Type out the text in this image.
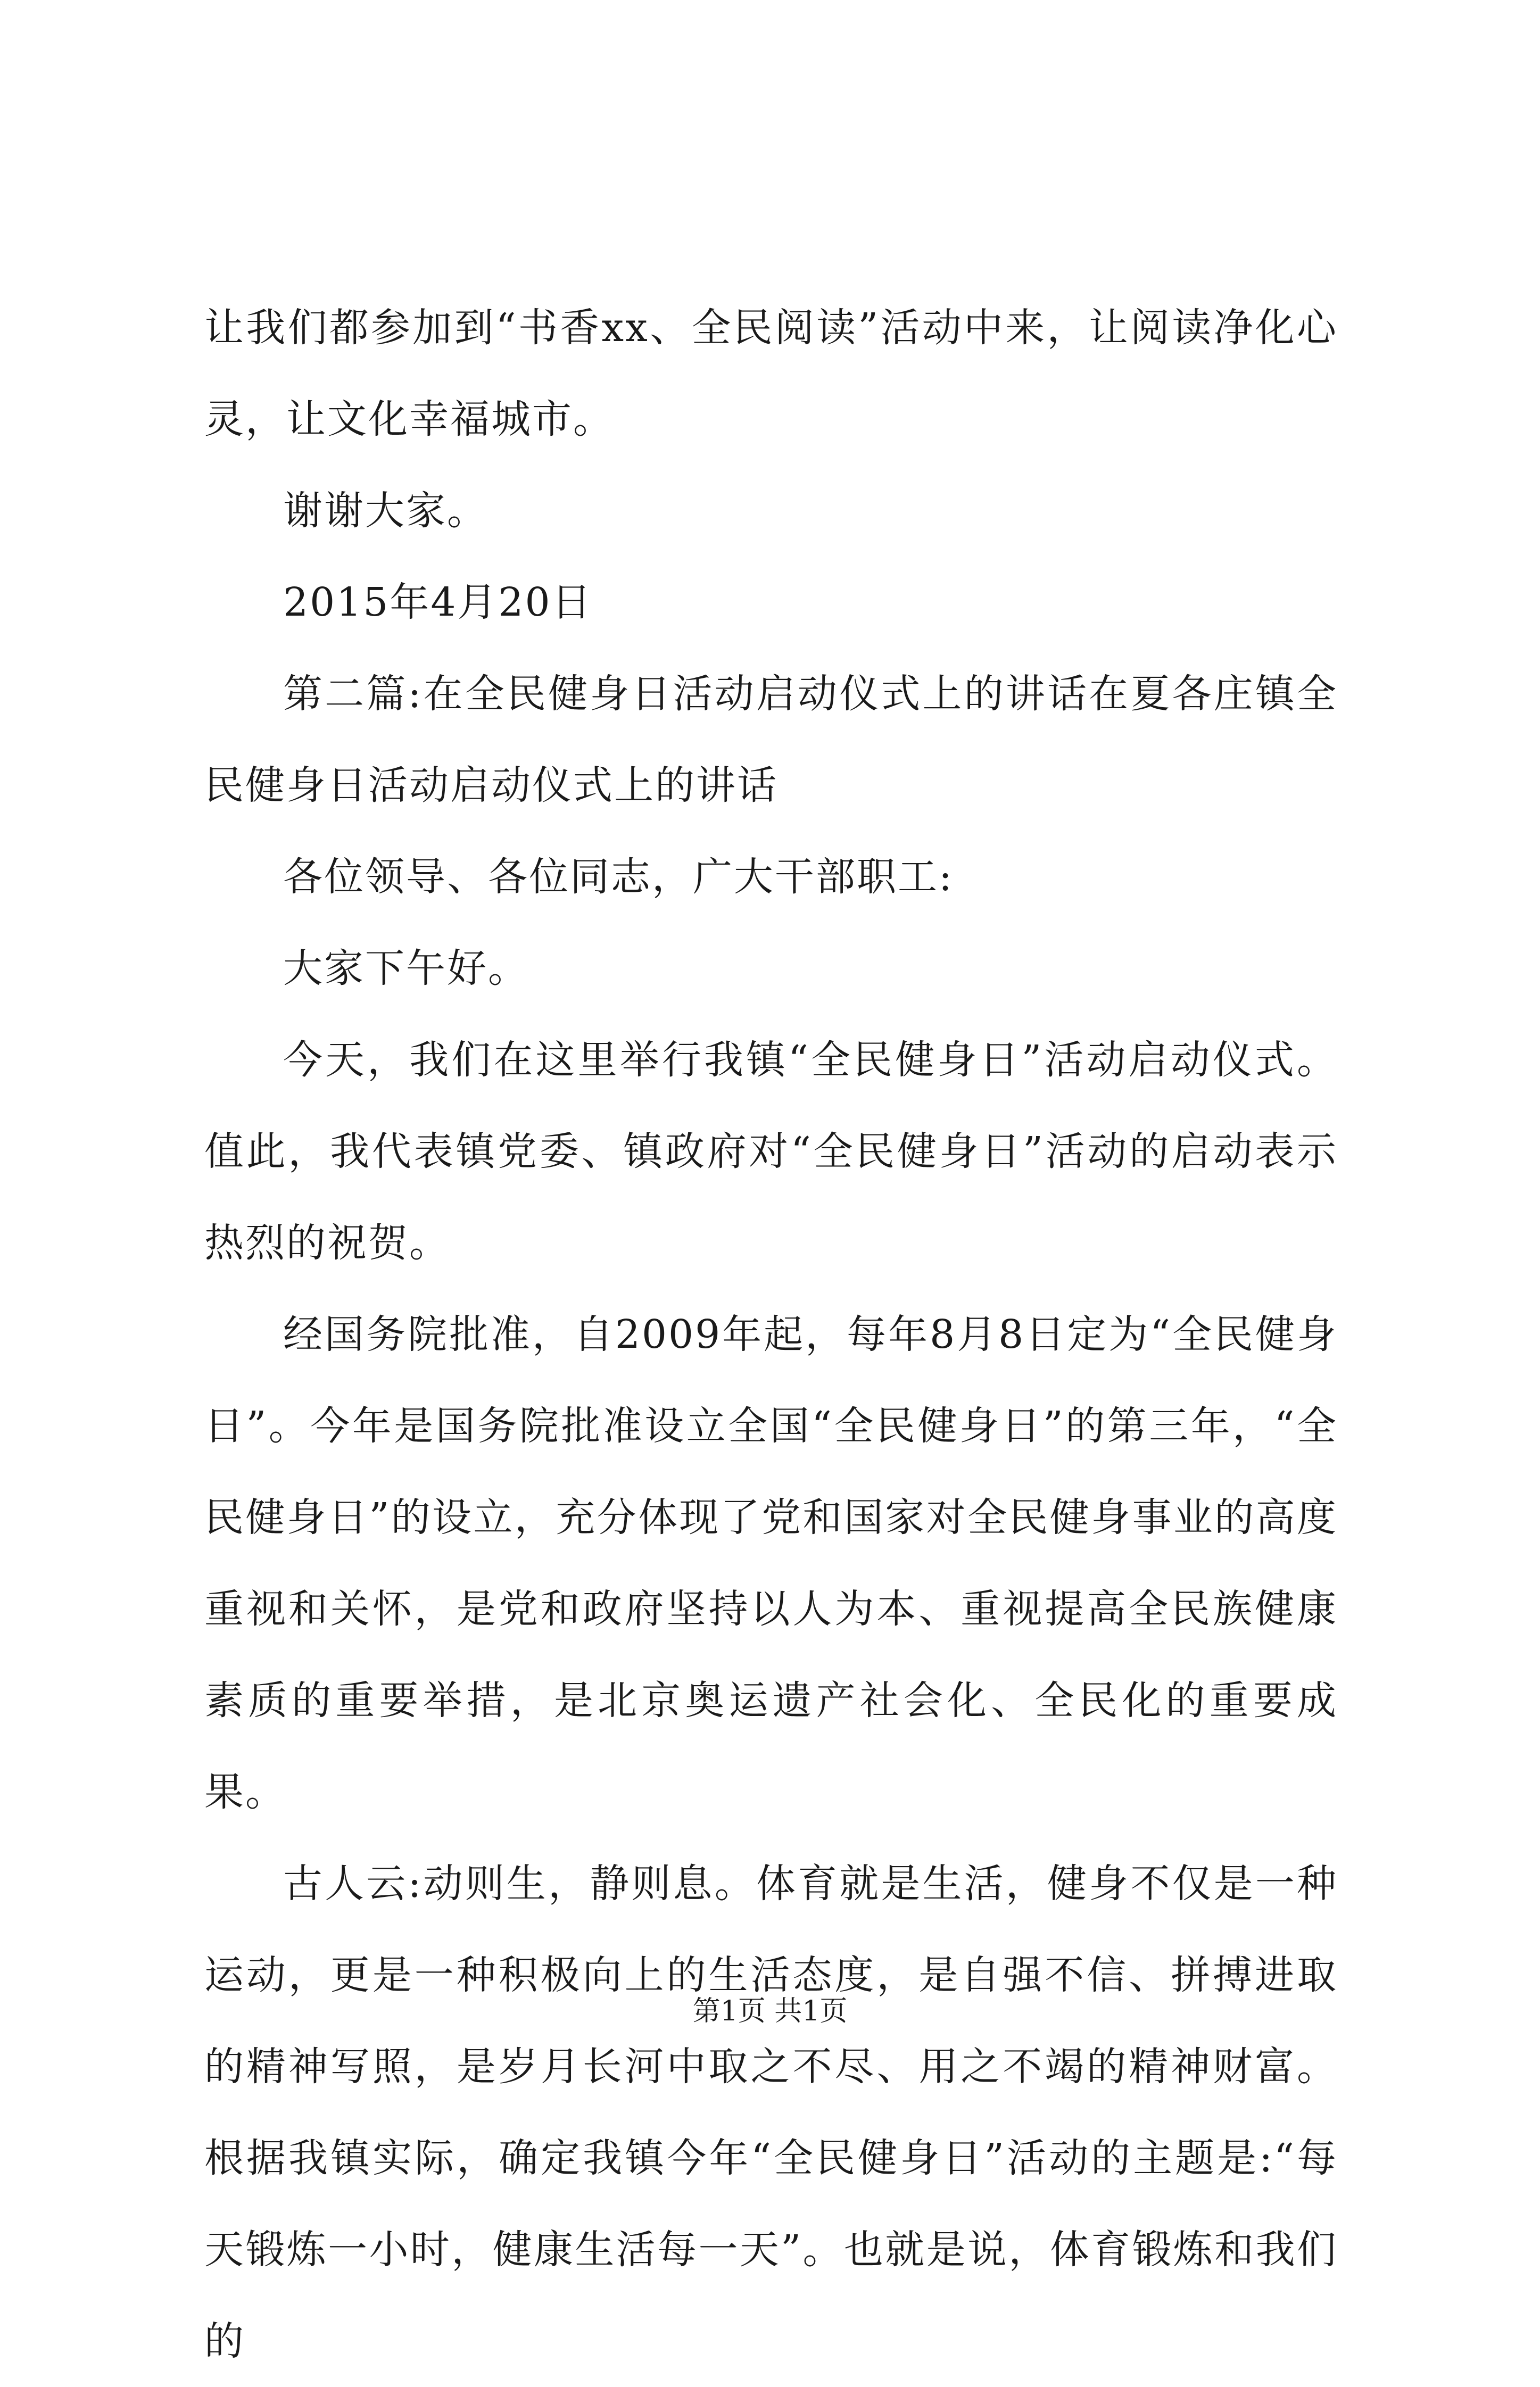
让我们都参加到“书香xx、全民阅读”活动中来，让阅读净化心灵，让文化幸福城市。

谢谢大家。

2015年4月20日

第二篇:在全民健身日活动启动仪式上的讲话在夏各庄镇全民健身日活动启动仪式上的讲话

各位领导、各位同志，广大干部职工:

大家下午好。

今天，我们在这里举行我镇“全民健身日”活动启动仪式。值此，我代表镇党委、镇政府对“全民健身日”活动的启动表示热烈的祝贺。

经国务院批准，自2009年起，每年8月8日定为“全民健身日”。今年是国务院批准设立全国“全民健身日”的第三年，“全民健身日”的设立，充分体现了党和国家对全民健身事业的高度重视和关怀，是党和政府坚持以人为本、重视提高全民族健康素质的重要举措，是北京奥运遗产社会化、全民化的重要成果。

古人云:动则生，静则息。体育就是生活，健身不仅是一种运动，更是一种积极向上的生活态度，是自强不信、拼搏进取的精神写照，是岁月长河中取之不尽、用之不竭的精神财富。根据我镇实际，确定我镇今年“全民健身日”活动的主题是:“每天锻炼一小时，健康生活每一天”。也就是说，体育锻炼和我们的

第1页 共1页
